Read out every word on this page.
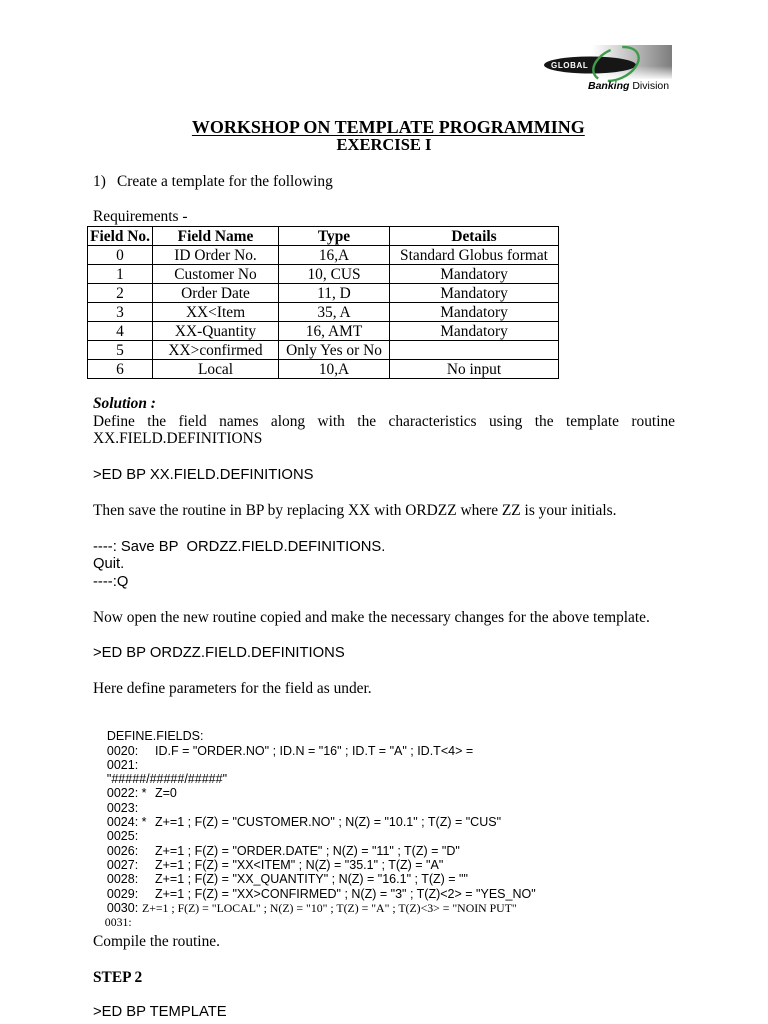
GLOBAL
Banking Division

WORKSHOP ON TEMPLATE PROGRAMMING

EXERCISE I
1) Create a template for the following
Requirements -
Field No.	Field Name	Type	Details
0	ID Order No.	16,A	Standard Globus format
1	Customer No	10, CUS	Mandatory
2	Order Date	11, D	Mandatory
3	XX<Item	35, A	Mandatory
4	XX-Quantity	16, AMT	Mandatory
5	XX>confirmed	Only Yes or No	
6	Local	10,A	No input
Solution :
Define the field names along with the characteristics using the template routine XX.FIELD.DEFINITIONS
>ED BP XX.FIELD.DEFINITIONS
Then save the routine in BP by replacing XX with ORDZZ where ZZ is your initials.
----: Save BP  ORDZZ.FIELD.DEFINITIONS.
Quit.
----:Q
Now open the new routine copied and make the necessary changes for the above template.
>ED BP ORDZZ.FIELD.DEFINITIONS
Here define parameters for the field as under.

DEFINE.FIELDS:

0020:

0021:

ID.F = "ORDER.NO" ; ID.N = "16" ; ID.T = "A" ; ID.T<4> =

"#####/#####/#####"

0022: *

0023:

Z=0

0024: *

0025:

Z+=1 ; F(Z) = "CUSTOMER.NO" ; N(Z) = "10.1" ; T(Z) = "CUS"

0026:

0027:

Z+=1 ; F(Z) = "ORDER.DATE" ; N(Z) = "11" ; T(Z) = "D"

0028:

Z+=1 ; F(Z) = "XX<ITEM" ; N(Z) = "35.1" ; T(Z) = "A"

0029:

Z+=1 ; F(Z) = "XX_QUANTITY" ; N(Z) = "16.1" ; T(Z) = ""

0030:

Z+=1 ; F(Z) = "XX>CONFIRMED" ; N(Z) = "3" ; T(Z)<2> = "YES_NO"

0031:

Z+=1 ; F(Z) = "LOCAL" ; N(Z) = "10" ; T(Z) = "A" ; T(Z)<3> = "NOIN PUT"

Compile the routine.
STEP 2
>ED BP TEMPLATE
